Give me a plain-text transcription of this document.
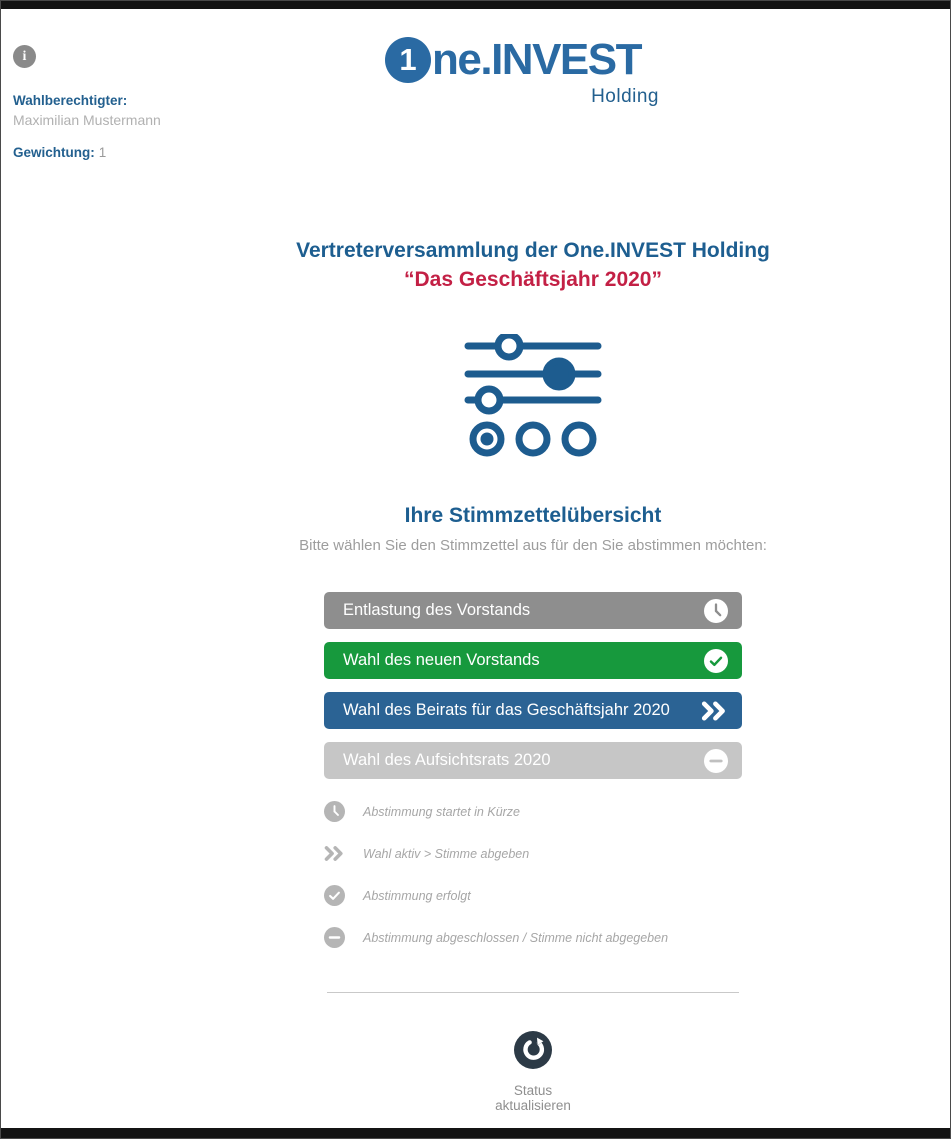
i
Wahlberechtigter:
Maximilian Mustermann
Gewichtung: 1
1 ne.INVEST
Holding
Vertreterversammlung der One.INVEST Holding
“Das Geschäftsjahr 2020”
Ihre Stimmzettelübersicht
Bitte wählen Sie den Stimmzettel aus für den Sie abstimmen möchten:
Entlastung des Vorstands
Wahl des neuen Vorstands
Wahl des Beirats für das Geschäftsjahr 2020
Wahl des Aufsichtsrats 2020
Abstimmung startet in Kürze
Wahl aktiv > Stimme abgeben
Abstimmung erfolgt
Abstimmung abgeschlossen / Stimme nicht abgegeben
Status
aktualisieren
